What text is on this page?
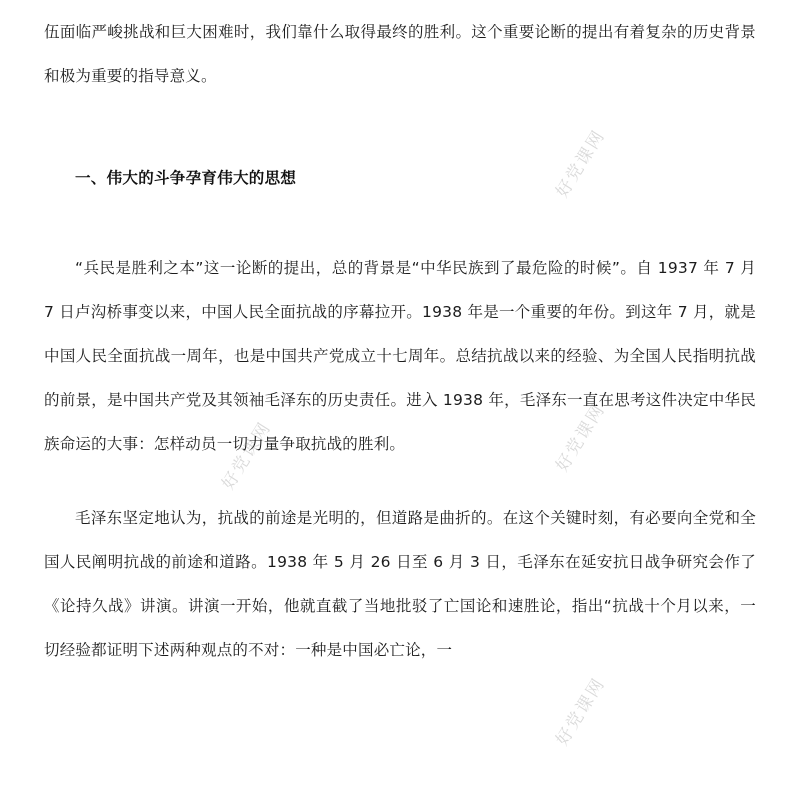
好党课网
好党课网
好党课网
好党课网

伍面临严峻挑战和巨大困难时，我们靠什么取得最终的胜利。这个重要论断的提出有着复杂的历史背景和极为重要的指导意义。

一、伟大的斗争孕育伟大的思想

“兵民是胜利之本”这一论断的提出，总的背景是“中华民族到了最危险的时候”。自 1937 年 7 月 7 日卢沟桥事变以来，中国人民全面抗战的序幕拉开。1938 年是一个重要的年份。到这年 7 月，就是中国人民全面抗战一周年，也是中国共产党成立十七周年。总结抗战以来的经验、为全国人民指明抗战的前景，是中国共产党及其领袖毛泽东的历史责任。进入 1938 年，毛泽东一直在思考这件决定中华民族命运的大事：怎样动员一切力量争取抗战的胜利。

毛泽东坚定地认为，抗战的前途是光明的，但道路是曲折的。在这个关键时刻，有必要向全党和全国人民阐明抗战的前途和道路。1938 年 5 月 26 日至 6 月 3 日，毛泽东在延安抗日战争研究会作了《论持久战》讲演。讲演一开始，他就直截了当地批驳了亡国论和速胜论，指出“抗战十个月以来，一切经验都证明下述两种观点的不对：一种是中国必亡论，一
